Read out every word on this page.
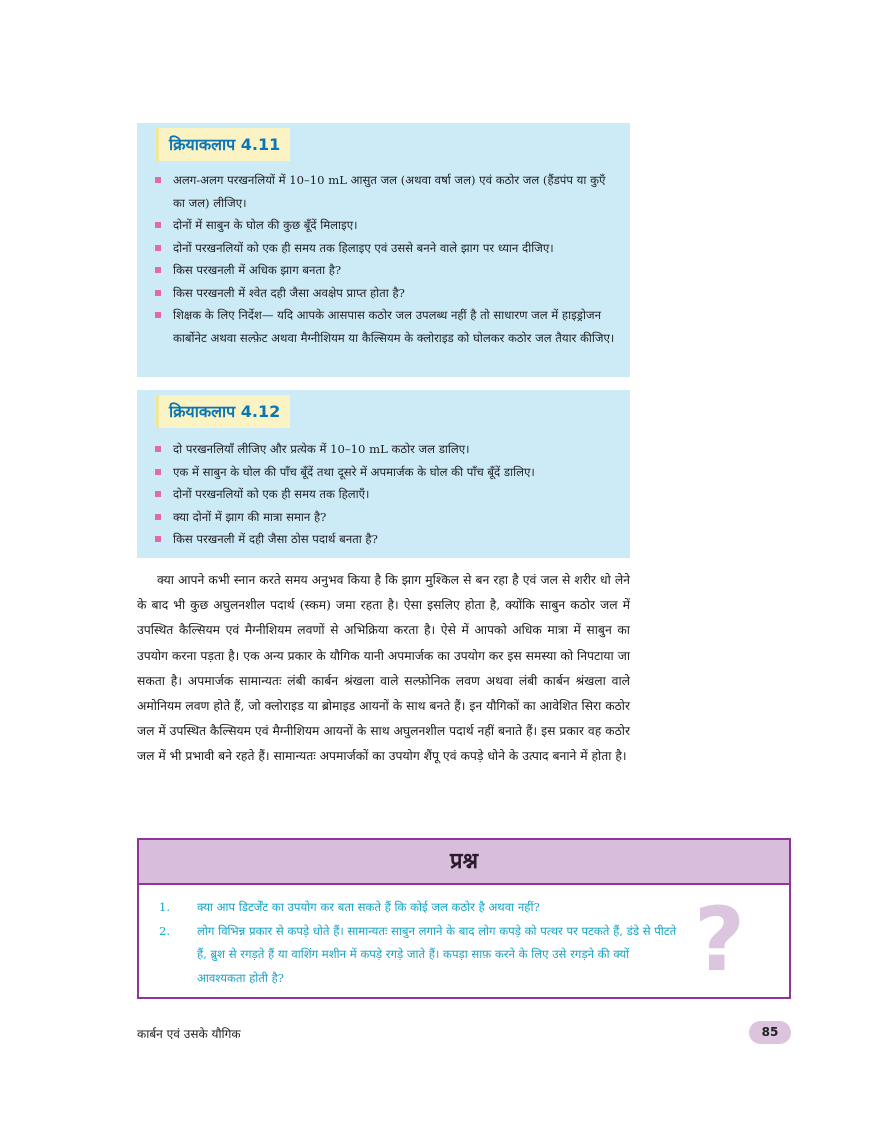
क्रियाकलाप 4.11
अलग-अलग परखनलियों में 10–10 mL आसुत जल (अथवा वर्षा जल) एवं कठोर जल (हैंडपंप या कुएँ का जल) लीजिए।
दोनों में साबुन के घोल की कुछ बूँदें मिलाइए।
दोनों परखनलियों को एक ही समय तक हिलाइए एवं उससे बनने वाले झाग पर ध्यान दीजिए।
किस परखनली में अधिक झाग बनता है?
किस परखनली में श्वेत दही जैसा अवक्षेप प्राप्त होता है?
शिक्षक के लिए निर्देश— यदि आपके आसपास कठोर जल उपलब्ध नहीं है तो साधारण जल में हाइड्रोजन कार्बोनेट अथवा सल्फ़ेट अथवा मैग्नीशियम या कैल्सियम के क्लोराइड को घोलकर कठोर जल तैयार कीजिए।
क्रियाकलाप 4.12
दो परखनलियाँ लीजिए और प्रत्येक में 10–10 mL कठोर जल डालिए।
एक में साबुन के घोल की पाँच बूँदें तथा दूसरे में अपमार्जक के घोल की पाँच बूँदें डालिए।
दोनों परखनलियों को एक ही समय तक हिलाएँ।
क्या दोनों में झाग की मात्रा समान है?
किस परखनली में दही जैसा ठोस पदार्थ बनता है?

क्या आपने कभी स्नान करते समय अनुभव किया है कि झाग मुश्किल से बन रहा है एवं जल से शरीर धो लेने के बाद भी कुछ अघुलनशील पदार्थ (स्कम) जमा रहता है। ऐसा इसलिए होता है, क्योंकि साबुन कठोर जल में उपस्थित कैल्सियम एवं मैग्नीशियम लवणों से अभिक्रिया करता है। ऐसे में आपको अधिक मात्रा में साबुन का उपयोग करना पड़ता है। एक अन्य प्रकार के यौगिक यानी अपमार्जक का उपयोग कर इस समस्या को निपटाया जा सकता है। अपमार्जक सामान्यतः लंबी कार्बन श्रंखला वाले सल्फ़ोनिक लवण अथवा लंबी कार्बन श्रंखला वाले अमोनियम लवण होते हैं, जो क्लोराइड या ब्रोमाइड आयनों के साथ बनते हैं। इन यौगिकों का आवेशित सिरा कठोर जल में उपस्थित कैल्सियम एवं मैग्नीशियम आयनों के साथ अघुलनशील पदार्थ नहीं बनाते हैं। इस प्रकार वह कठोर जल में भी प्रभावी बने रहते हैं। सामान्यतः अपमार्जकों का उपयोग शैंपू एवं कपड़े धोने के उत्पाद बनाने में होता है।

प्रश्न
1. क्या आप डिटर्जेंट का उपयोग कर बता सकते हैं कि कोई जल कठोर है अथवा नहीं?
2. लोग विभिन्न प्रकार से कपड़े धोते हैं। सामान्यतः साबुन लगाने के बाद लोग कपड़े को पत्थर पर पटकते हैं, डंडे से पीटते हैं, ब्रुश से रगड़ते हैं या वाशिंग मशीन में कपड़े रगड़े जाते हैं। कपड़ा साफ़ करने के लिए उसे रगड़ने की क्यों आवश्यकता होती है?	?
कार्बन एवं उसके यौगिक	85
